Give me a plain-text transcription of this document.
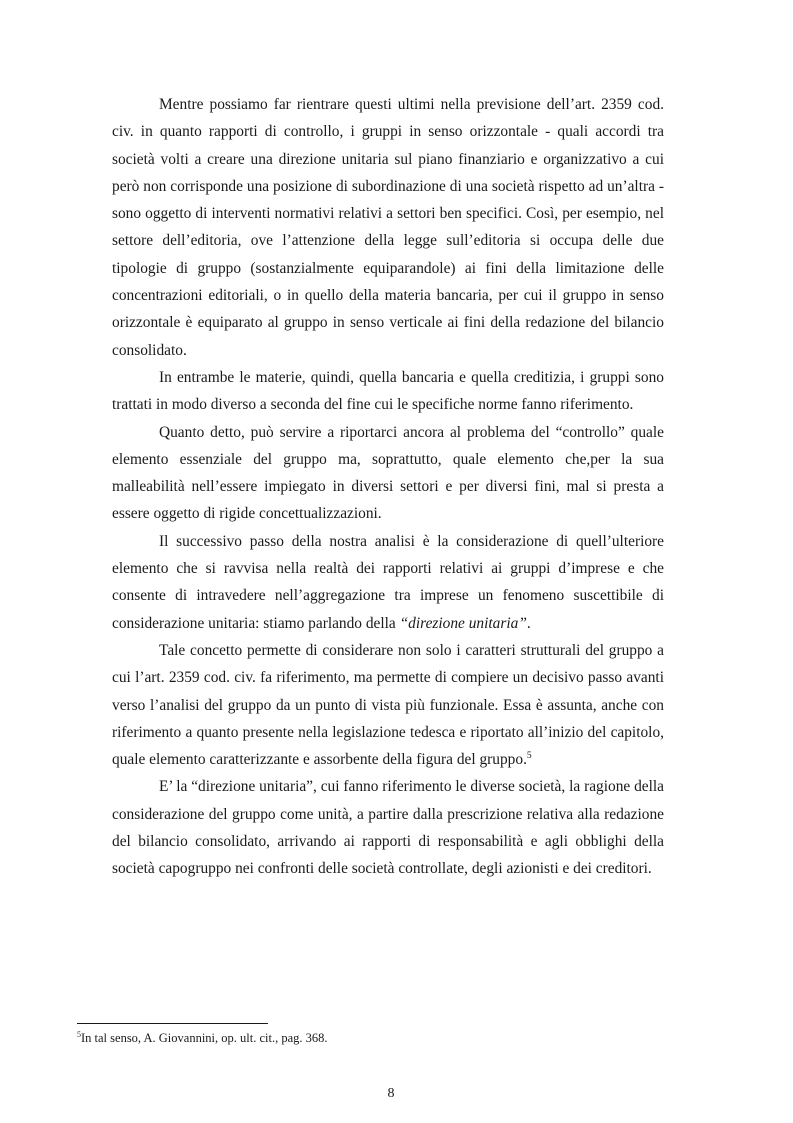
Mentre possiamo far rientrare questi ultimi nella previsione dell’art. 2359 cod. civ. in quanto rapporti di controllo, i gruppi in senso orizzontale - quali accordi tra società volti a creare una direzione unitaria sul piano finanziario e organizzativo a cui però non corrisponde una posizione di subordinazione di una società rispetto ad un’altra - sono oggetto di interventi normativi relativi a settori ben specifici. Così, per esempio, nel settore dell’editoria, ove l’attenzione della legge sull’editoria si occupa delle due tipologie di gruppo (sostanzialmente equiparandole) ai fini della limitazione delle concentrazioni editoriali, o in quello della materia bancaria, per cui il gruppo in senso orizzontale è equiparato al gruppo in senso verticale ai fini della redazione del bilancio consolidato.

In entrambe le materie, quindi, quella bancaria e quella creditizia, i gruppi sono trattati in modo diverso a seconda del fine cui le specifiche norme fanno riferimento.

Quanto detto, può servire a riportarci ancora al problema del “controllo” quale elemento essenziale del gruppo ma, soprattutto, quale elemento che,per la sua malleabilità nell’essere impiegato in diversi settori e per diversi fini, mal si presta a essere oggetto di rigide concettualizzazioni.

Il successivo passo della nostra analisi è la considerazione di quell’ulteriore elemento che si ravvisa nella realtà dei rapporti relativi ai gruppi d’imprese e che consente di intravedere nell’aggregazione tra imprese un fenomeno suscettibile di considerazione unitaria: stiamo parlando della “direzione unitaria”.

Tale concetto permette di considerare non solo i caratteri strutturali del gruppo a cui l’art. 2359 cod. civ. fa riferimento, ma permette di compiere un decisivo passo avanti verso l’analisi del gruppo da un punto di vista più funzionale. Essa è assunta, anche con riferimento a quanto presente nella legislazione tedesca e riportato all’inizio del capitolo, quale elemento caratterizzante e assorbente della figura del gruppo.$^5$

E’ la “direzione unitaria”, cui fanno riferimento le diverse società, la ragione della considerazione del gruppo come unità, a partire dalla prescrizione relativa alla redazione del bilancio consolidato, arrivando ai rapporti di responsabilità e agli obblighi della società capogruppo nei confronti delle società controllate, degli azionisti e dei creditori.

$^5$In tal senso, A. Giovannini, op. ult. cit., pag. 368.

8
